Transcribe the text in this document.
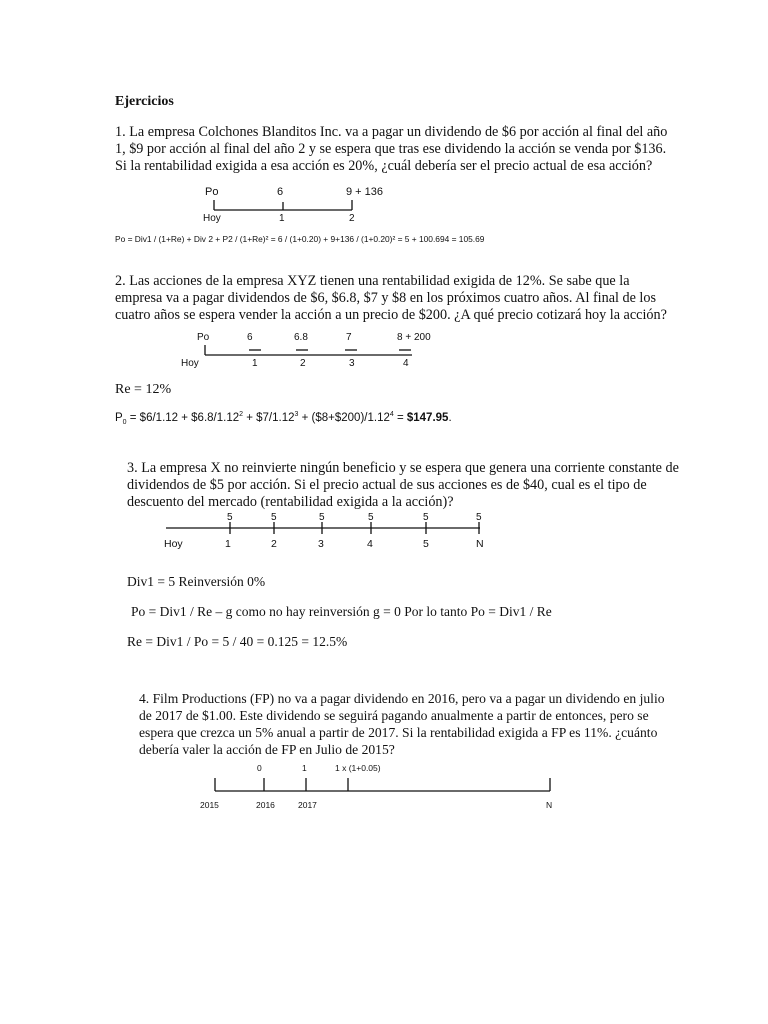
Ejercicios
1. La empresa Colchones Blanditos Inc. va a pagar un dividendo de $6 por acción al final del año
1, $9 por acción al final del año 2 y se espera que tras ese dividendo la acción se venda por $136.
Si la rentabilidad exigida a esa acción es 20%, ¿cuál debería ser el precio actual de esa acción?
Po	6	9 + 136
Hoy	1	2
Po = Div1 / (1+Re) + Div 2 + P2 / (1+Re)² = 6 / (1+0.20) + 9+136 / (1+0.20)² = 5 + 100.694 = 105.69
2. Las acciones de la empresa XYZ tienen una rentabilidad exigida de 12%. Se sabe que la
empresa va a pagar dividendos de $6, $6.8, $7 y $8 en los próximos cuatro años. Al final de los
cuatro años se espera vender la acción a un precio de $200. ¿A qué precio cotizará hoy la acción?
Po	6	6.8	7	8 + 200
Hoy	1	2	3	4
Re = 12%
$P_0$ = $6/1.12 + $\$6.8/1.12^2$ + $\$7/1.12^3$ + $(\$8+\$200)/1.12^4$ = $147.95.
3. La empresa X no reinvierte ningún beneficio y se espera que genera una corriente constante de
dividendos de $5 por acción. Si el precio actual de sus acciones es de $40, cual es el tipo de
descuento del mercado (rentabilidad exigida a la acción)?
5	5	5	5	5	5
Hoy	1	2	3	4	5	N
Div1 = 5 Reinversión 0%
Po = Div1 / Re – g como no hay reinversión g = 0 Por lo tanto Po = Div1 / Re
Re = Div1 / Po = 5 / 40 = 0.125 = 12.5%
4. Film Productions (FP) no va a pagar dividendo en 2016, pero va a pagar un dividendo en julio
de 2017 de $1.00. Este dividendo se seguirá pagando anualmente a partir de entonces, pero se
espera que crezca un 5% anual a partir de 2017. Si la rentabilidad exigida a FP es 11%. ¿cuánto
debería valer la acción de FP en Julio de 2015?
0	1	1 x (1+0.05)
2015	2016	2017	N
